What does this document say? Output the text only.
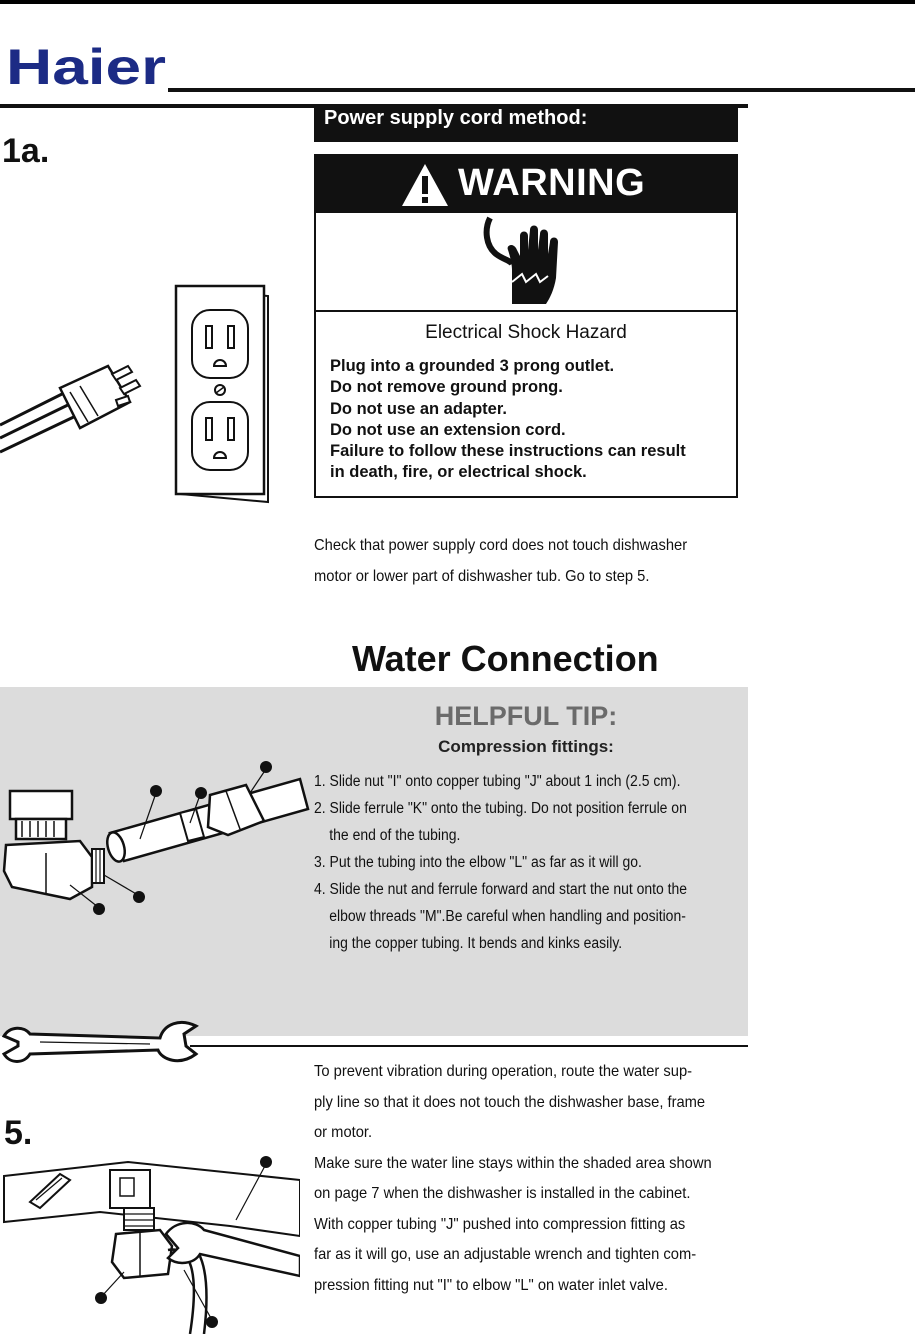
Haier
1a.
Power supply cord method:
WARNING
Electrical Shock Hazard
Plug into a grounded 3 prong outlet.
Do not remove ground prong.
Do not use an adapter.
Do not use an extension cord.
Failure to follow these instructions can result
in death, fire, or electrical shock.
Check that power supply cord does not touch dishwasher
motor or lower part of dishwasher tub. Go to step 5.
Water Connection
HELPFUL TIP:
Compression fittings:
1. Slide nut "I" onto copper tubing "J" about 1 inch (2.5 cm).
2. Slide ferrule "K" onto the tubing. Do not position ferrule on
the end of the tubing.
3. Put the tubing into the elbow "L" as far as it will go.
4. Slide the nut and ferrule forward and start the nut onto the
elbow threads "M".Be careful when handling and position-
ing the copper tubing. It bends and kinks easily.
5.
To prevent vibration during operation, route the water sup-
ply line so that it does not touch the dishwasher base, frame
or motor.
Make sure the water line stays within the shaded area shown
on page 7 when the dishwasher is installed in the cabinet.
With copper tubing "J" pushed into compression fitting as
far as it will go, use an adjustable wrench and tighten com-
pression fitting nut "I" to elbow "L" on water inlet valve.
